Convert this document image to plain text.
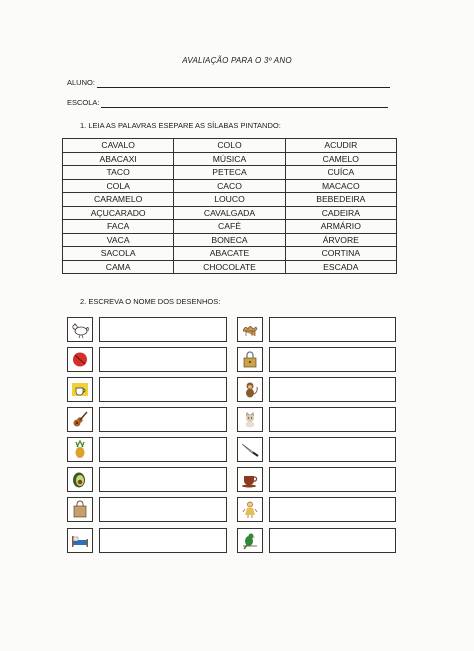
AVALIAÇÃO PARA O 3º ANO
ALUNO:
ESCOLA:
1. LEIA AS PALAVRAS ESEPARE AS SÍLABAS PINTANDO:
CAVALO	COLO	ACUDIR
ABACAXI	MÚSICA	CAMELO
TACO	PETECA	CUÍCA
COLA	CACO	MACACO
CARAMELO	LOUCO	BEBEDEIRA
AÇUCARADO	CAVALGADA	CADEIRA
FACA	CAFÉ	ARMÁRIO
VACA	BONECA	ÁRVORE
SACOLA	ABACATE	CORTINA
CAMA	CHOCOLATE	ESCADA
2. ESCREVA O NOME DOS DESENHOS:
